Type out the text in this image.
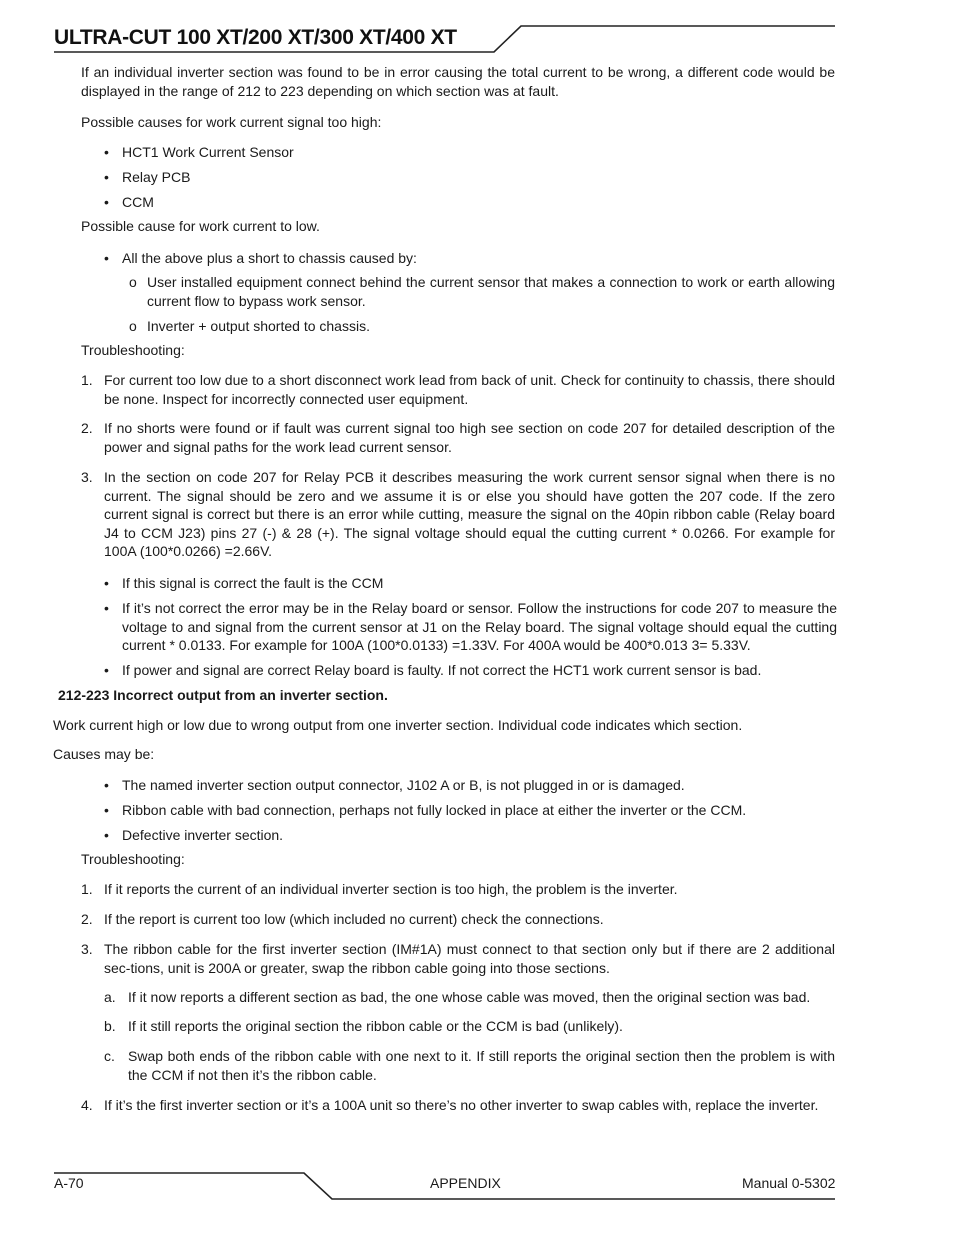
ULTRA-CUT 100 XT/200 XT/300 XT/400 XT
If an individual inverter section was found to be in error causing the total current to be wrong, a different code would be displayed in the range of 212 to 223 depending on which section was at fault.
Possible causes for work current signal too high:
• HCT1 Work Current Sensor
• Relay PCB
• CCM
Possible cause for work current to low.
• All the above plus a short to chassis caused by:
o User installed equipment connect behind the current sensor that makes a connection to work or earth allowing current flow to bypass work sensor.
o Inverter + output shorted to chassis.
Troubleshooting:
1. For current too low due to a short disconnect work lead from back of unit. Check for continuity to chassis, there should be none. Inspect for incorrectly connected user equipment.
2. If no shorts were found or if fault was current signal too high see section on code 207 for detailed description of the power and signal paths for the work lead current sensor.
3. In the section on code 207 for Relay PCB it describes measuring the work current sensor signal when there is no current. The signal should be zero and we assume it is or else you should have gotten the 207 code. If the zero current signal is correct but there is an error while cutting, measure the signal on the 40pin ribbon cable (Relay board J4 to CCM J23) pins 27 (-) & 28 (+). The signal voltage should equal the cutting current * 0.0266. For example for 100A (100*0.0266) =2.66V.
• If this signal is correct the fault is the CCM
• If it’s not correct the error may be in the Relay board or sensor. Follow the instructions for code 207 to measure the voltage to and signal from the current sensor at J1 on the Relay board. The signal voltage should equal the cutting current * 0.0133. For example for 100A (100*0.0133) =1.33V. For 400A would be 400*0.013 3= 5.33V.
• If power and signal are correct Relay board is faulty. If not correct the HCT1 work current sensor is bad.
212-223 Incorrect output from an inverter section.
Work current high or low due to wrong output from one inverter section. Individual code indicates which section.
Causes may be:
• The named inverter section output connector, J102 A or B, is not plugged in or is damaged.
• Ribbon cable with bad connection, perhaps not fully locked in place at either the inverter or the CCM.
• Defective inverter section.
Troubleshooting:
1. If it reports the current of an individual inverter section is too high, the problem is the inverter.
2. If the report is current too low (which included no current) check the connections.
3. The ribbon cable for the first inverter section (IM#1A) must connect to that section only but if there are 2 additional sec-tions, unit is 200A or greater, swap the ribbon cable going into those sections.
a. If it now reports a different section as bad, the one whose cable was moved, then the original section was bad.
b. If it still reports the original section the ribbon cable or the CCM is bad (unlikely).
c. Swap both ends of the ribbon cable with one next to it. If still reports the original section then the problem is with the CCM if not then it’s the ribbon cable.
4. If it’s the first inverter section or it’s a 100A unit so there’s no other inverter to swap cables with, replace the inverter.
A-70	APPENDIX	Manual 0-5302
